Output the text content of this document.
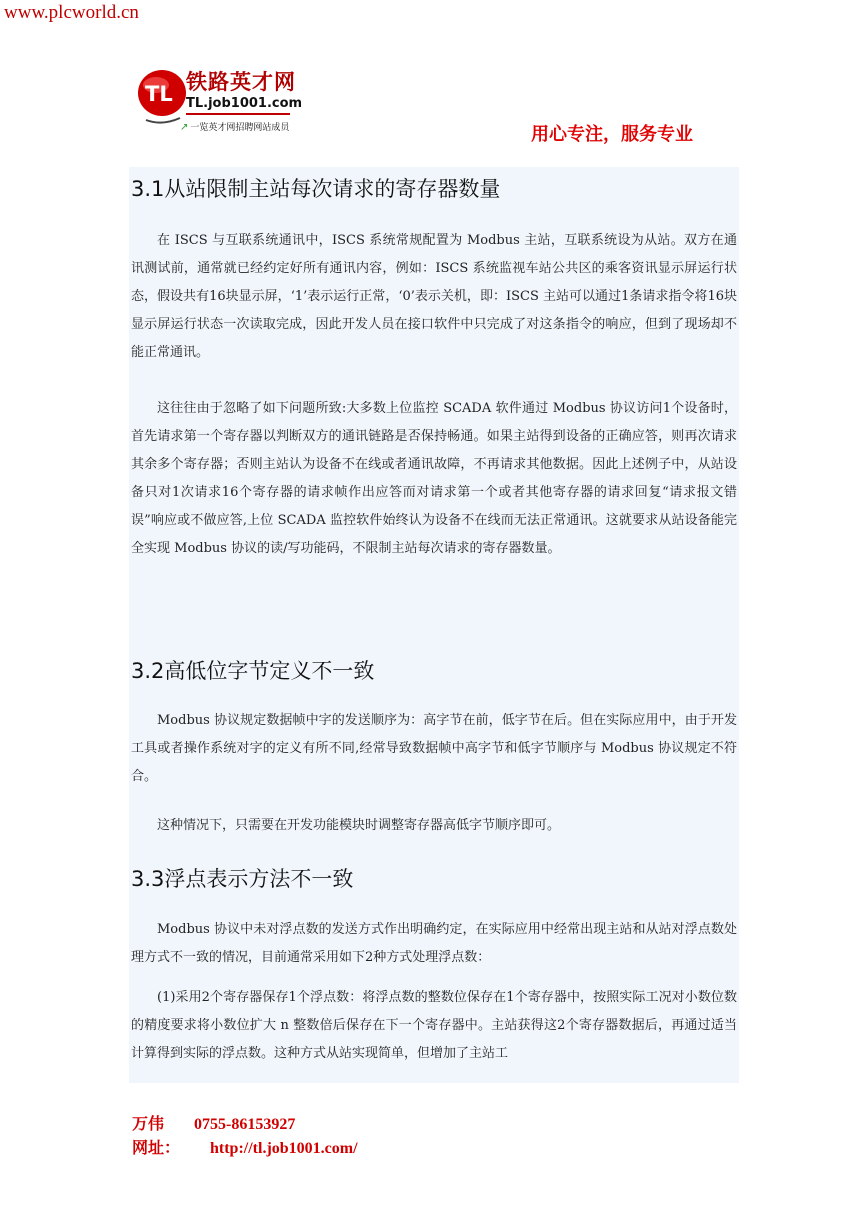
www.plcworld.cn
TL 铁路英才网
TL.job1001.com
↗ 一览英才网招聘网站成员	用心专注，服务专业
3.1从站限制主站每次请求的寄存器数量

在 ISCS 与互联系统通讯中，ISCS 系统常规配置为 Modbus 主站，互联系统设为从站。双方在通讯测试前，通常就已经约定好所有通讯内容，例如：ISCS 系统监视车站公共区的乘客资讯显示屏运行状态，假设共有16块显示屏，‘1’表示运行正常，‘0’表示关机，即：ISCS 主站可以通过1条请求指令将16块显示屏运行状态一次读取完成，因此开发人员在接口软件中只完成了对这条指令的响应，但到了现场却不能正常通讯。

这往往由于忽略了如下问题所致:大多数上位监控 SCADA 软件通过 Modbus 协议访问1个设备时，首先请求第一个寄存器以判断双方的通讯链路是否保持畅通。如果主站得到设备的正确应答，则再次请求其余多个寄存器；否则主站认为设备不在线或者通讯故障，不再请求其他数据。因此上述例子中，从站设备只对1次请求16个寄存器的请求帧作出应答而对请求第一个或者其他寄存器的请求回复“请求报文错误”响应或不做应答,上位 SCADA 监控软件始终认为设备不在线而无法正常通讯。这就要求从站设备能完全实现 Modbus 协议的读/写功能码，不限制主站每次请求的寄存器数量。

3.2高低位字节定义不一致

Modbus 协议规定数据帧中字的发送顺序为：高字节在前，低字节在后。但在实际应用中，由于开发工具或者操作系统对字的定义有所不同,经常导致数据帧中高字节和低字节顺序与 Modbus 协议规定不符合。

这种情况下，只需要在开发功能模块时调整寄存器高低字节顺序即可。

3.3浮点表示方法不一致

Modbus 协议中未对浮点数的发送方式作出明确约定，在实际应用中经常出现主站和从站对浮点数处理方式不一致的情况，目前通常采用如下2种方式处理浮点数：

(1)采用2个寄存器保存1个浮点数：将浮点数的整数位保存在1个寄存器中，按照实际工况对小数位数的精度要求将小数位扩大 n 整数倍后保存在下一个寄存器中。主站获得这2个寄存器数据后，再通过适当计算得到实际的浮点数。这种方式从站实现简单，但增加了主站工

万伟 0755-86153927
网址： http://tl.job1001.com/
